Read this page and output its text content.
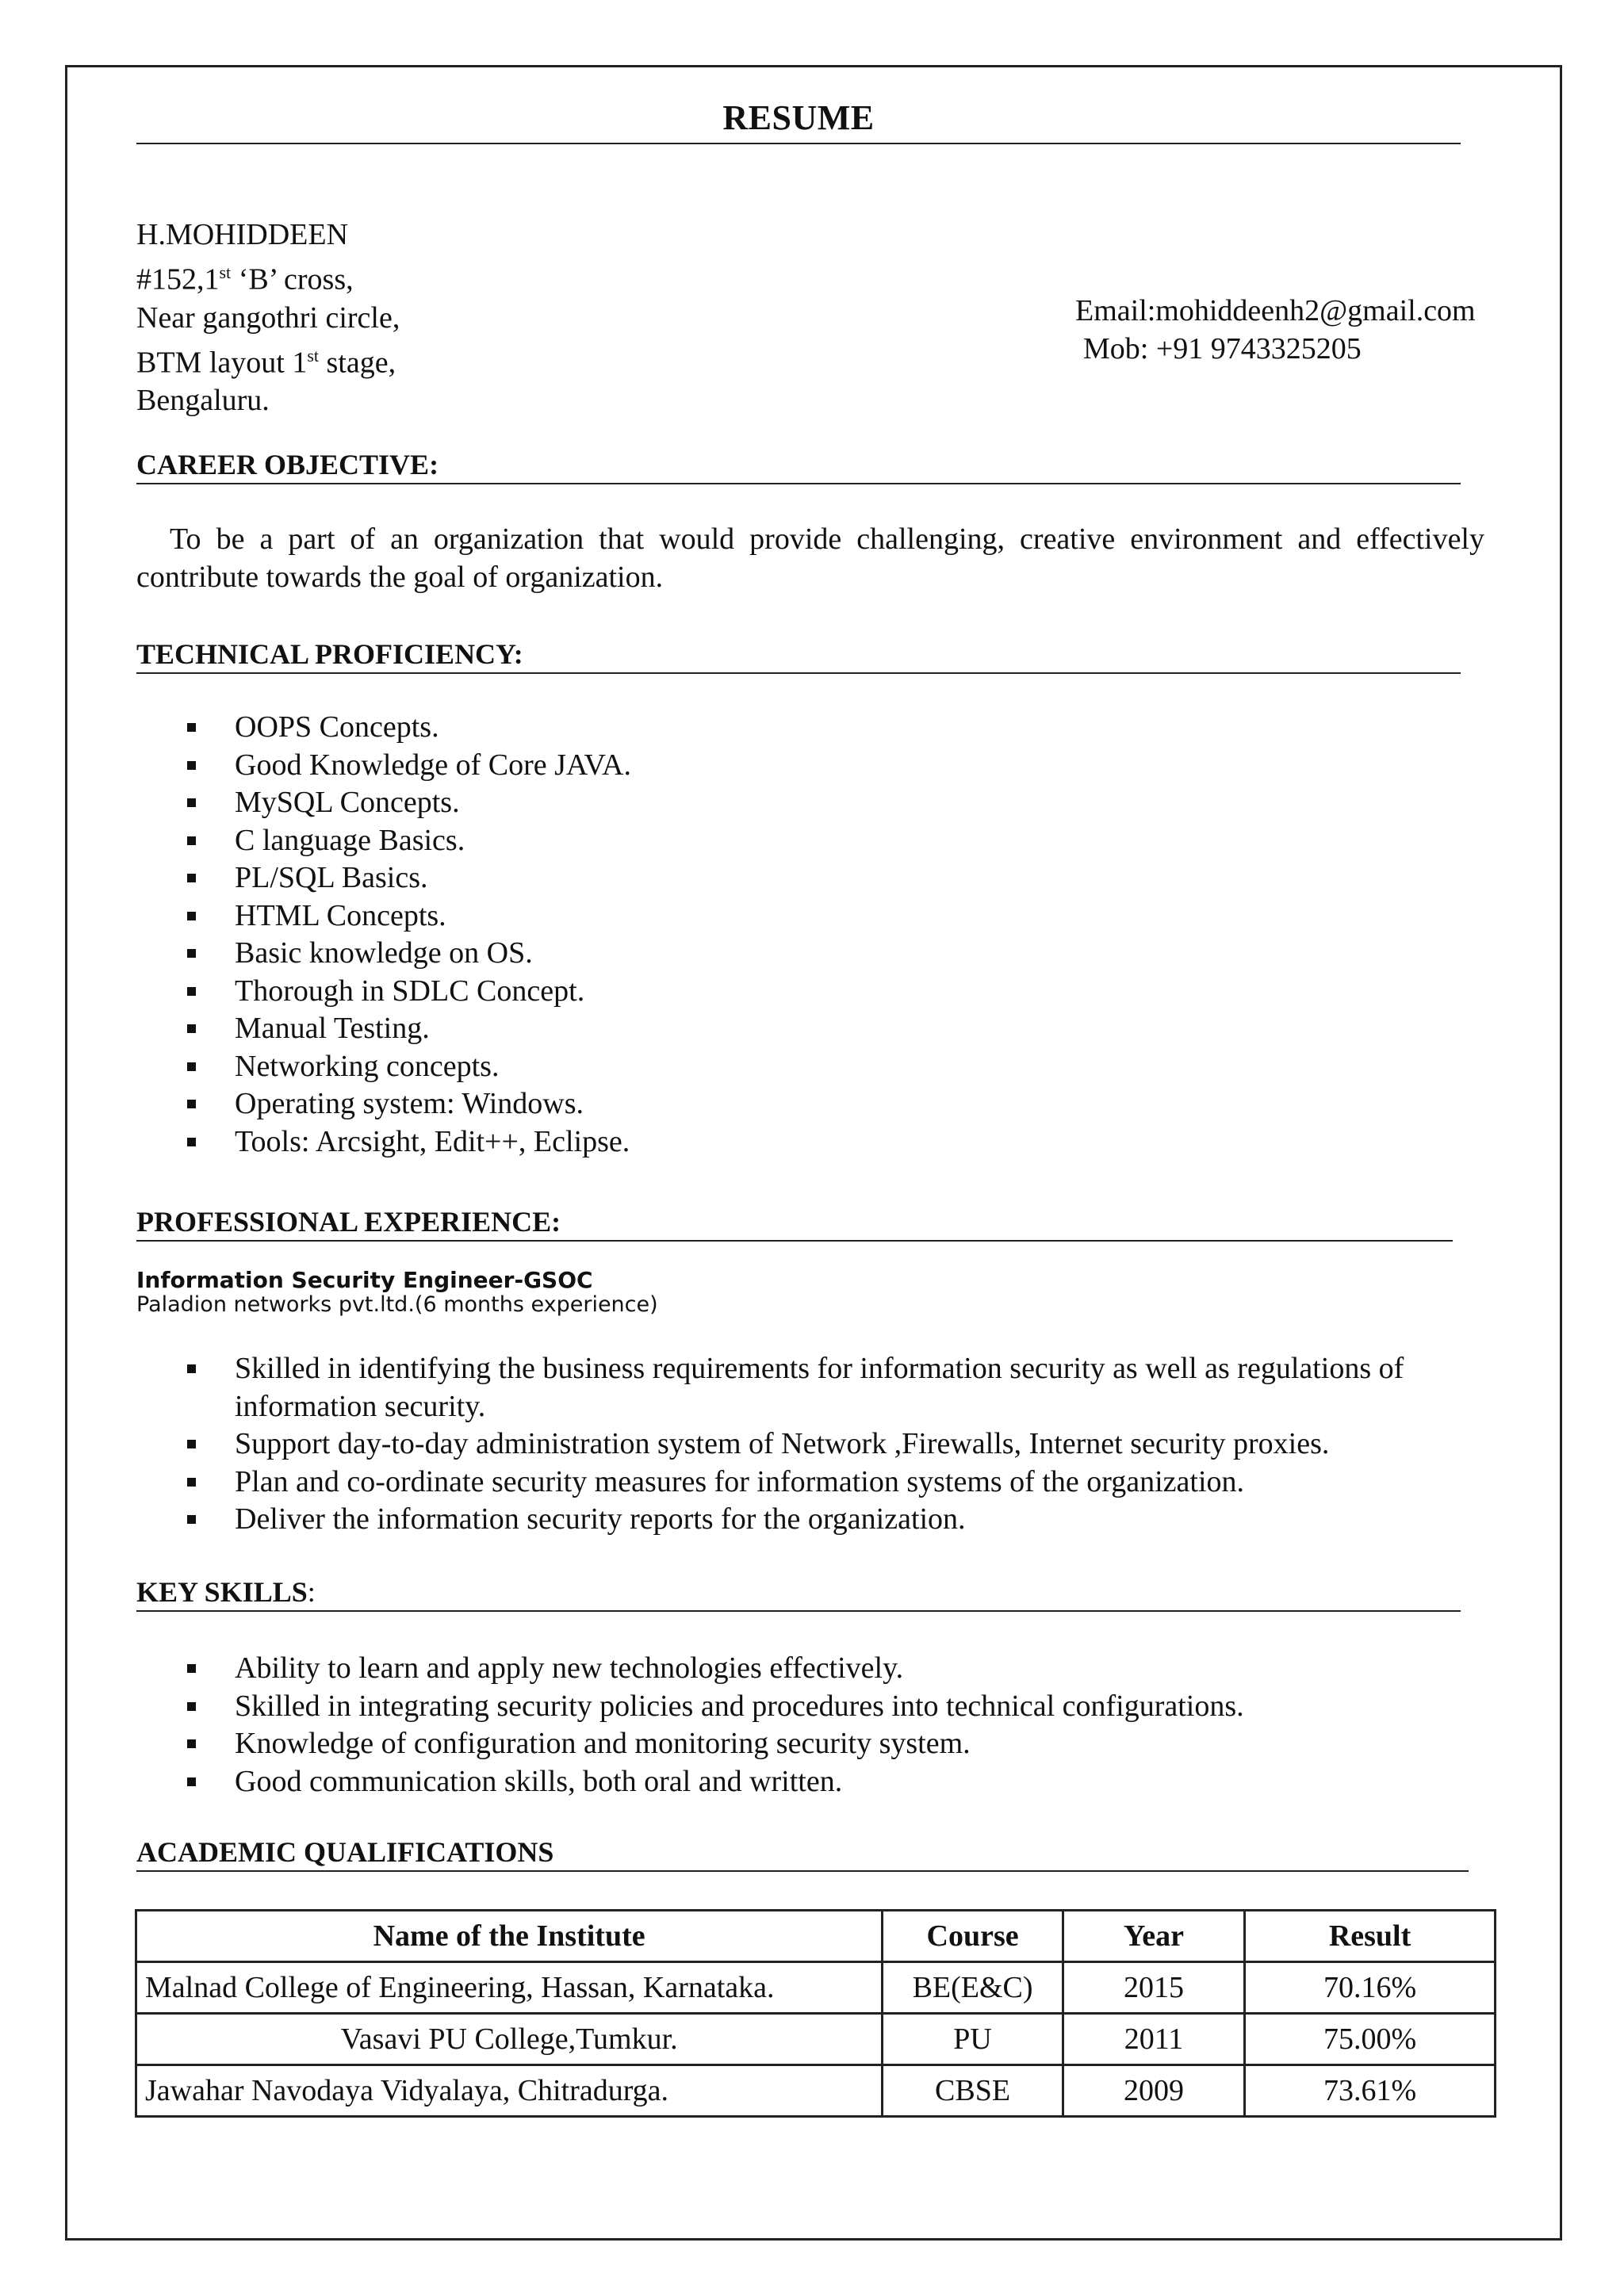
RESUME
H.MOHIDDEEN
#152,1st ‘B’ cross,
Near gangothri circle,
BTM layout 1st stage,
Bengaluru.
Email:mohiddeenh2@gmail.com
Mob: +91 9743325205
CAREER OBJECTIVE:
To be a part of an organization that would provide challenging, creative environment and effectively contribute towards the goal of organization.
TECHNICAL PROFICIENCY:
OOPS Concepts.
Good Knowledge of Core JAVA.
MySQL Concepts.
C language Basics.
PL/SQL Basics.
HTML Concepts.
Basic knowledge on OS.
Thorough in SDLC Concept.
Manual Testing.
Networking concepts.
Operating system: Windows.
Tools: Arcsight, Edit++, Eclipse.
PROFESSIONAL EXPERIENCE:
Information Security Engineer-GSOC
Paladion networks pvt.ltd.(6 months experience)
Skilled in identifying the business requirements for information security as well as regulations of information security.
Support day-to-day administration system of Network ,Firewalls, Internet security proxies.
Plan and co-ordinate security measures for information systems of the organization.
Deliver the information security reports for the organization.
KEY SKILLS:
Ability to learn and apply new technologies effectively.
Skilled in integrating security policies and procedures into technical configurations.
Knowledge of configuration and monitoring security system.
Good communication skills, both oral and written.
ACADEMIC QUALIFICATIONS
Name of the Institute	Course	Year	Result
Malnad College of Engineering, Hassan, Karnataka.	BE(E&C)	2015	70.16%
Vasavi PU College,Tumkur.	PU	2011	75.00%
Jawahar Navodaya Vidyalaya, Chitradurga.	CBSE	2009	73.61%
